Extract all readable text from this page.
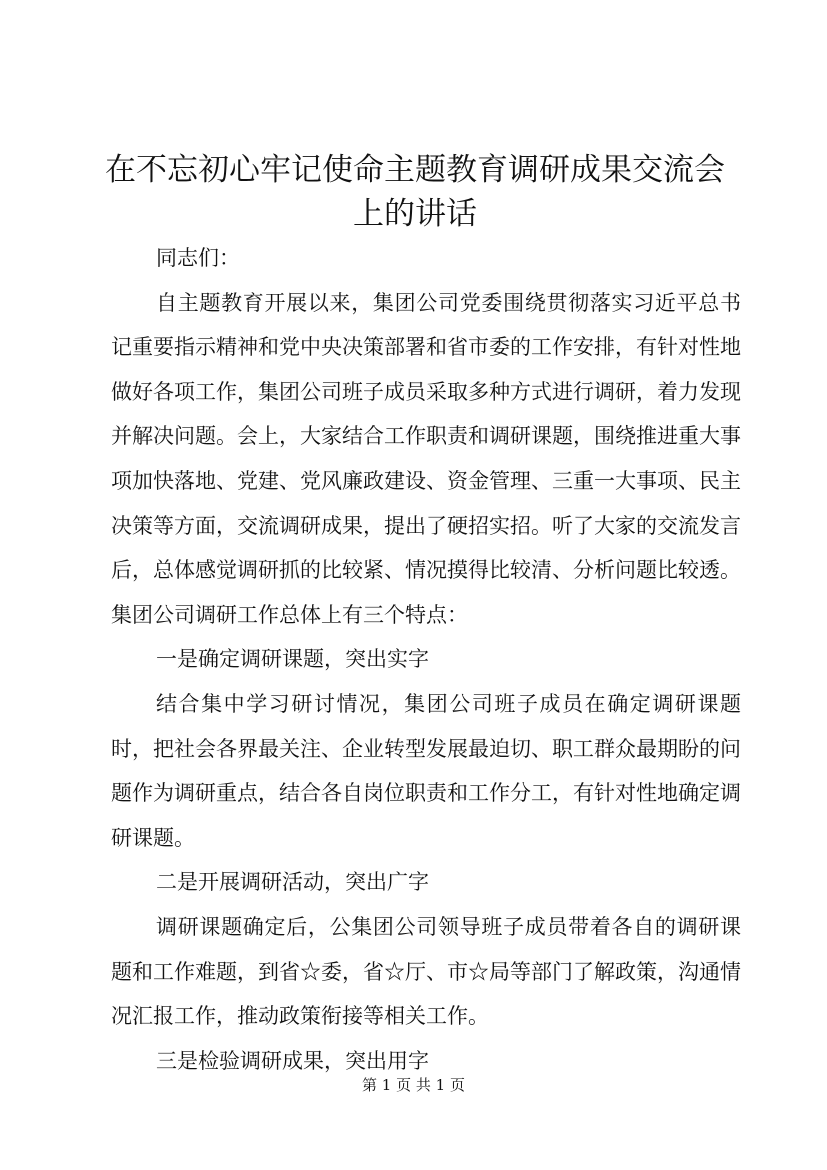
在不忘初心牢记使命主题教育调研成果交流会上的讲话

同志们：

自主题教育开展以来，集团公司党委围绕贯彻落实习近平总书记重要指示精神和党中央决策部署和省市委的工作安排，有针对性地做好各项工作，集团公司班子成员采取多种方式进行调研，着力发现并解决问题。会上，大家结合工作职责和调研课题，围绕推进重大事项加快落地、党建、党风廉政建设、资金管理、三重一大事项、民主决策等方面，交流调研成果，提出了硬招实招。听了大家的交流发言后，总体感觉调研抓的比较紧、情况摸得比较清、分析问题比较透。集团公司调研工作总体上有三个特点：

一是确定调研课题，突出实字

结合集中学习研讨情况，集团公司班子成员在确定调研课题时，把社会各界最关注、企业转型发展最迫切、职工群众最期盼的问题作为调研重点，结合各自岗位职责和工作分工，有针对性地确定调研课题。

二是开展调研活动，突出广字

调研课题确定后，公集团公司领导班子成员带着各自的调研课题和工作难题，到省☆委，省☆厅、市☆局等部门了解政策，沟通情况汇报工作，推动政策衔接等相关工作。

三是检验调研成果，突出用字

第 1 页 共 1 页
